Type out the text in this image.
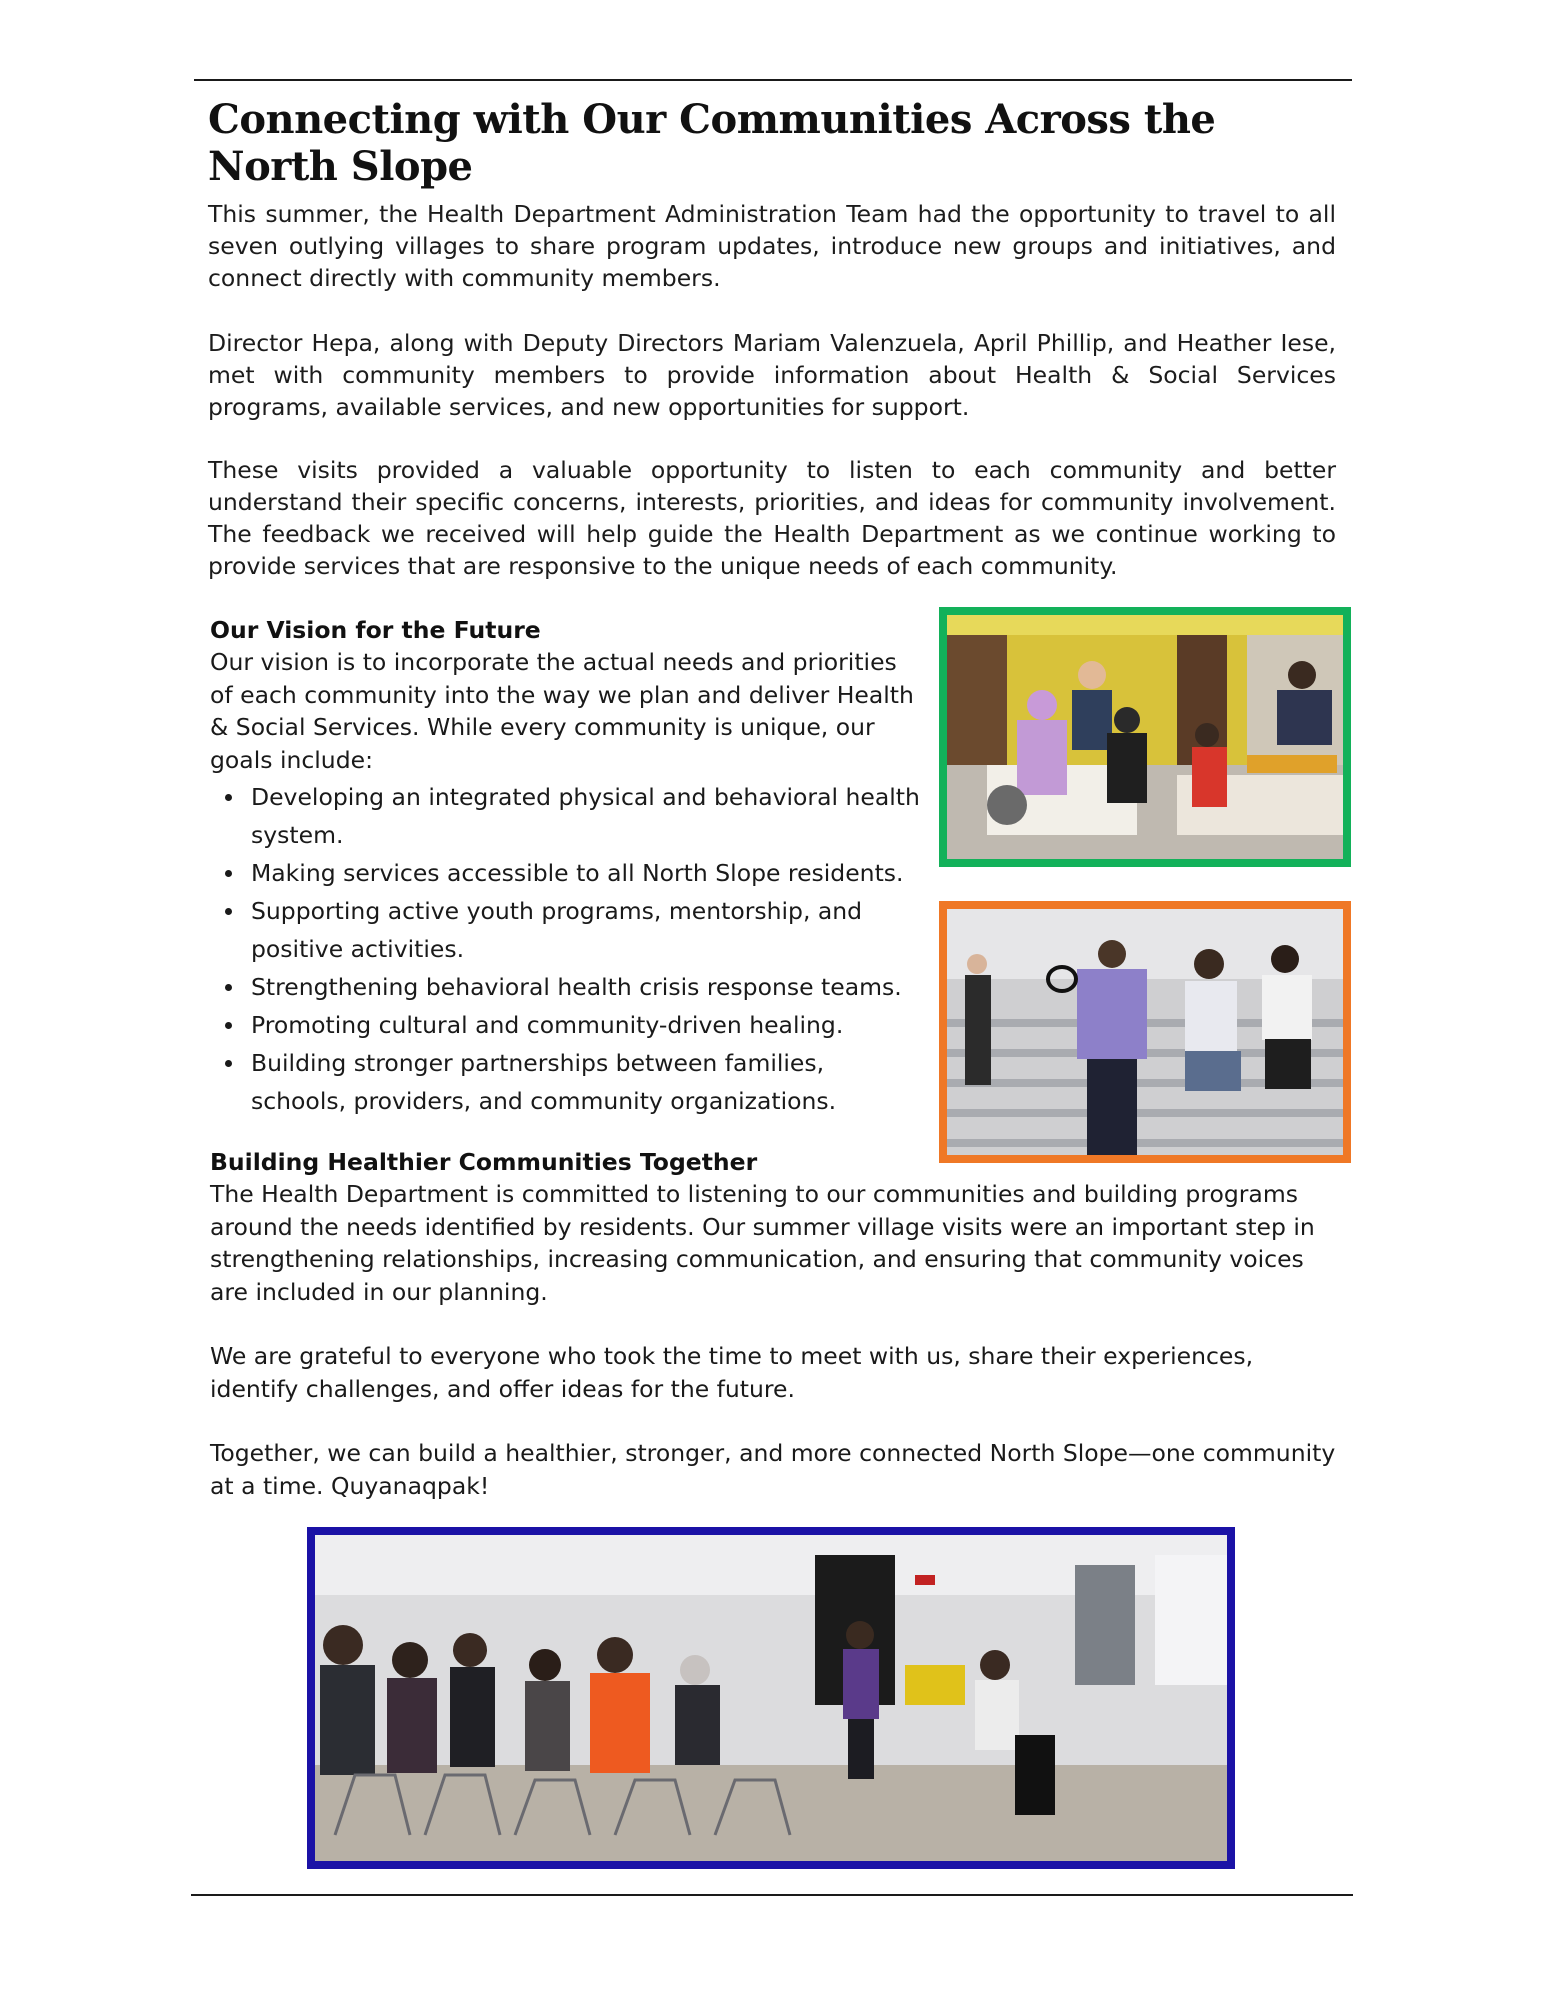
Connecting with Our Communities Across the North Slope

This summer, the Health Department Administration Team had the opportunity to travel to all seven outlying villages to share program updates, introduce new groups and initiatives, and connect directly with community members.

Director Hepa, along with Deputy Directors Mariam Valenzuela, April Phillip, and Heather Iese, met with community members to provide information about Health & Social Services programs, available services, and new opportunities for support.

These visits provided a valuable opportunity to listen to each community and better understand their specific concerns, interests, priorities, and ideas for community involvement. The feedback we received will help guide the Health Department as we continue working to provide services that are responsive to the unique needs of each community.

Our Vision for the Future
Our vision is to incorporate the actual needs and priorities of each community into the way we plan and deliver Health & Social Services. While every community is unique, our goals include:
Developing an integrated physical and behavioral health system.
Making services accessible to all North Slope residents.
Supporting active youth programs, mentorship, and positive activities.
Strengthening behavioral health crisis response teams.
Promoting cultural and community-driven healing.
Building stronger partnerships between families, schools, providers, and community organizations.
Building Healthier Communities Together

The Health Department is committed to listening to our communities and building programs around the needs identified by residents. Our summer village visits were an important step in strengthening relationships, increasing communication, and ensuring that community voices are included in our planning.

We are grateful to everyone who took the time to meet with us, share their experiences, identify challenges, and offer ideas for the future.

Together, we can build a healthier, stronger, and more connected North Slope—one community at a time. Quyanaqpak!
